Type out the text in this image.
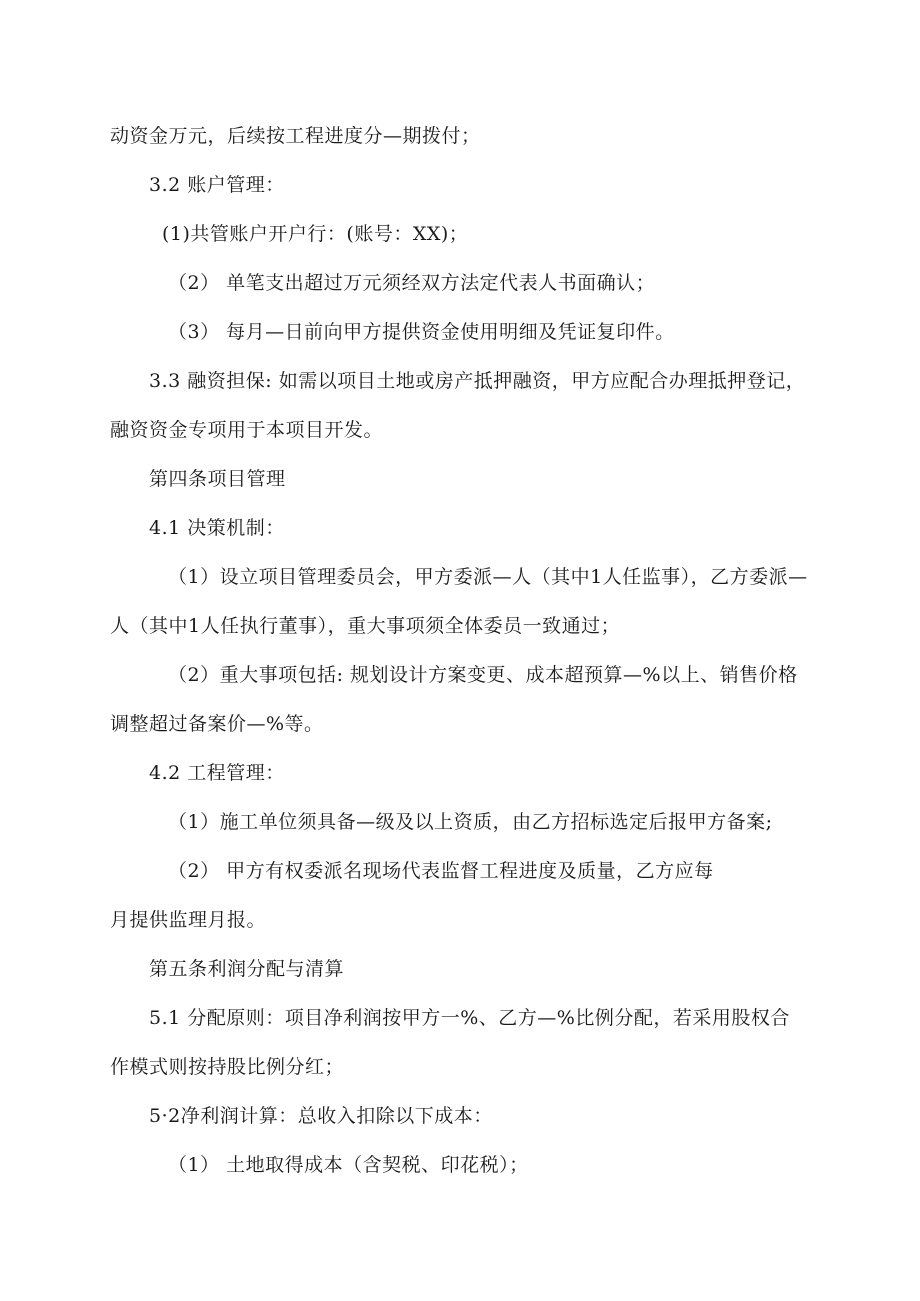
动资金万元，后续按工程进度分—期拨付；
3.2 账户管理：
(1)共管账户开户行：(账号：XX)；
（2） 单笔支出超过万元须经双方法定代表人书面确认；
（3） 每月—日前向甲方提供资金使用明细及凭证复印件。
3.3 融资担保: 如需以项目土地或房产抵押融资，甲方应配合办理抵押登记，
融资资金专项用于本项目开发。
第四条项目管理
4.1 决策机制：
（1）设立项目管理委员会，甲方委派—人（其中1人任监事），乙方委派—
人（其中1人任执行董事），重大事项须全体委员一致通过；
（2）重大事项包括: 规划设计方案变更、成本超预算—%以上、销售价格
调整超过备案价—%等。
4.2 工程管理：
（1）施工单位须具备—级及以上资质，由乙方招标选定后报甲方备案;
（2） 甲方有权委派名现场代表监督工程进度及质量，乙方应每
月提供监理月报。
第五条利润分配与清算
5.1 分配原则：项目净利润按甲方一%、乙方—%比例分配，若采用股权合
作模式则按持股比例分红；
5·2净利润计算：总收入扣除以下成本：
（1） 土地取得成本（含契税、印花税）；
